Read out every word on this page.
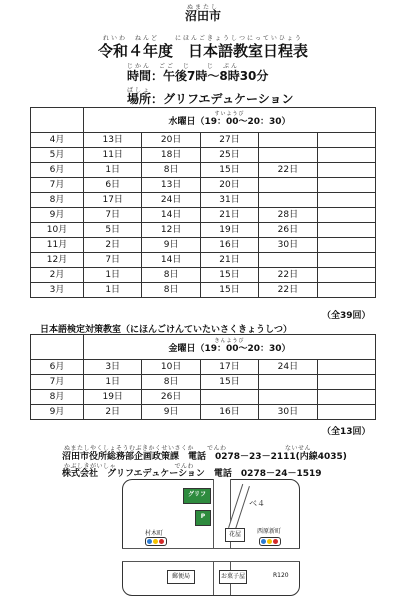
ぬまたし
沼田市
れいわ　ねんど　　にほんごきょうしつにっていひょう
令和４年度　日本語教室日程表
じかん　ごご　じ　　じ　ぷん
時間：午後7時～8時30分
ばしょ
場所：グリフエデュケーション

	すいようび
水曜日（19：00～20：30）				
4月	13日	20日	27日		
5月	11日	18日	25日		
6月	1日	8日	15日	22日	
7月	6日	13日	20日		
8月	17日	24日	31日		
9月	7日	14日	21日	28日	
10月	5日	12日	19日	26日	
11月	2日	9日	16日	30日	
12月	7日	14日	21日		
2月	1日	8日	15日	22日	
3月	1日	8日	15日	22日	
（全39回）
日本語検定対策教室（にほんごけんていたいさくきょうしつ）

	きんようび
金曜日（19：00～20：30）				
6月	3日	10日	17日	24日	
7月	1日	8日	15日		
8月	19日	26日			
9月	2日	9日	16日	30日	
（全13回）
ぬまたしやくしょそうむぶきかくせいさくか　　でんわ　　　　　　　　　ないせん
沼田市役所総務部企画政策課　電話　0278－23－2111(内線4035)
かぶしきがいしゃ　　　　　　　　　でんわ
株式会社　グリフエデュケーション　電話　0278－24－1519
グリフ
P
ベ４
村木町	花屋	西原新町
郵便局	お菓子屋	R120
